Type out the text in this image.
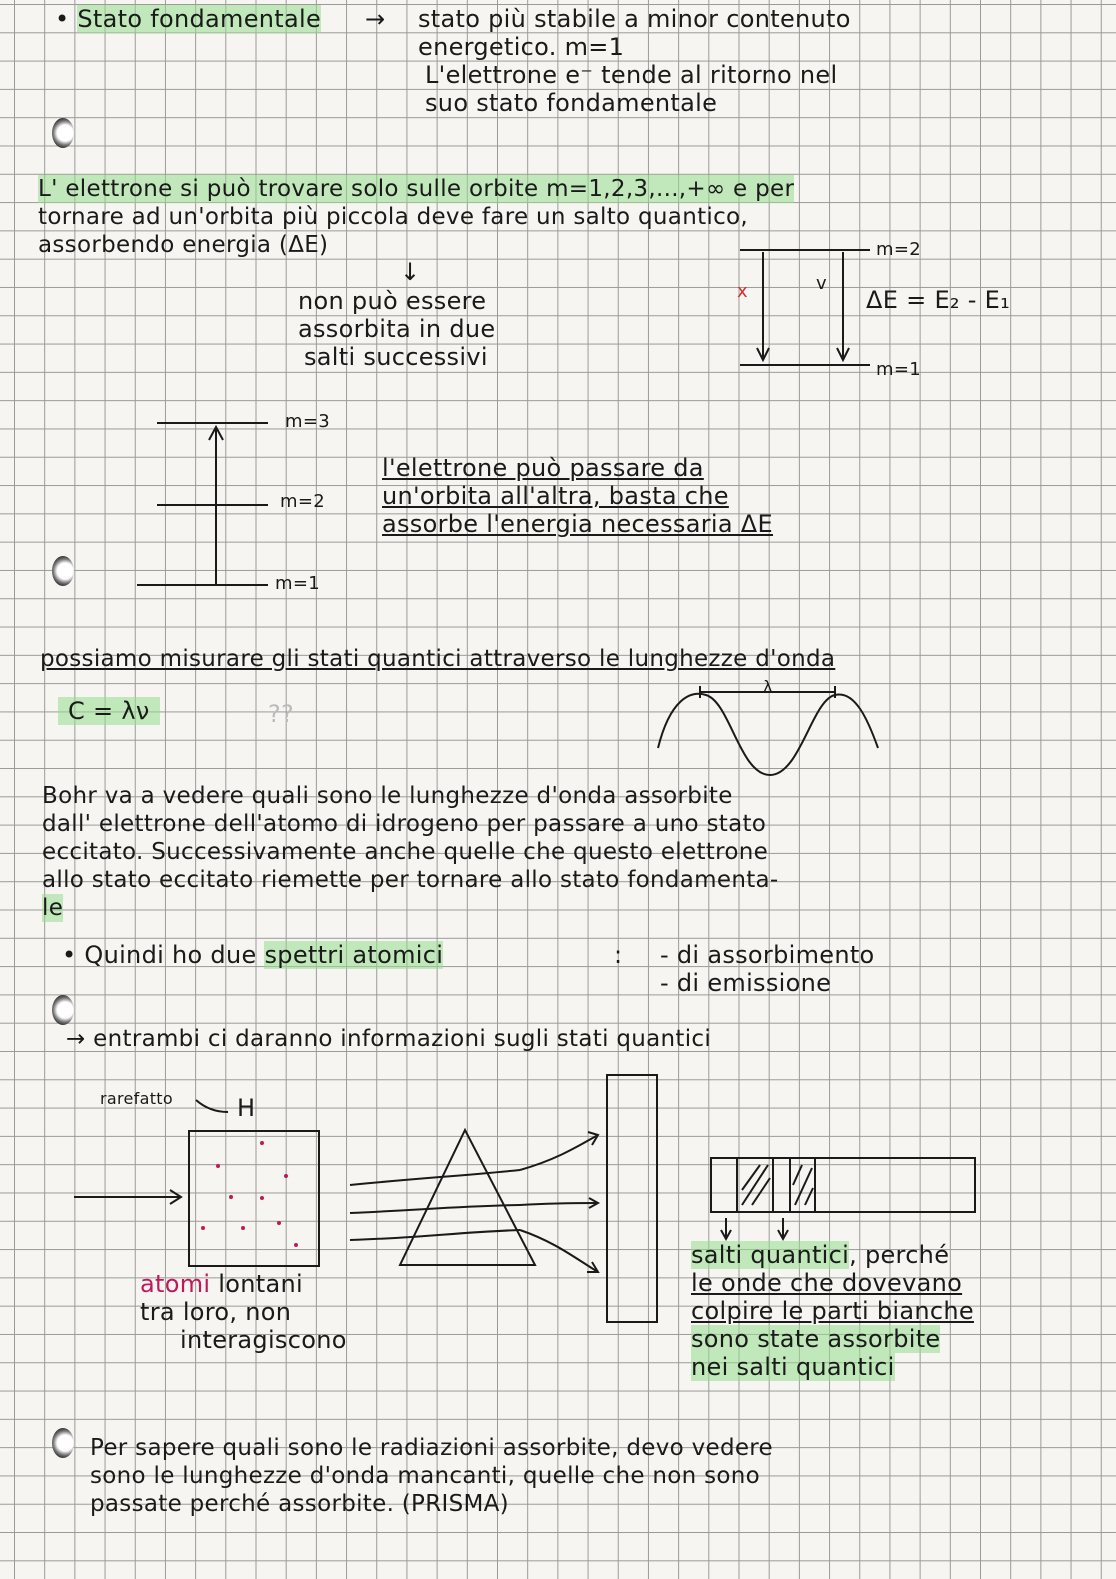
• Stato fondamentale → stato più stabile a minor contenuto
energetico. m=1
L'elettrone e⁻ tende al ritorno nel
suo stato fondamentale
L' elettrone si può trovare solo sulle orbite m=1,2,3,...,+∞ e per
tornare ad un'orbita più piccola deve fare un salto quantico,
assorbendo energia (ΔE)
↓
non può essere
assorbita in due
salti successivi
m=2
m=1
x	v
ΔE = E₂ - E₁
m=3
m=2
m=1
l'elettrone può passare da
un'orbita all'altra, basta che
assorbe l'energia necessaria ΔE
possiamo misurare gli stati quantici attraverso le lunghezze d'onda
C = λν	??
λ
Bohr va a vedere quali sono le lunghezze d'onda assorbite
dall' elettrone dell'atomo di idrogeno per passare a uno stato
eccitato. Successivamente anche quelle che questo elettrone
allo stato eccitato riemette per tornare allo stato fondamenta-
le
• Quindi ho due spettri atomici	: - di assorbimento
- di emissione
→ entrambi ci daranno informazioni sugli stati quantici
rarefatto	H
atomi lontani
tra loro, non
interagiscono
salti quantici, perché
le onde che dovevano
colpire le parti bianche
sono state assorbite
nei salti quantici
Per sapere quali sono le radiazioni assorbite, devo vedere
sono le lunghezze d'onda mancanti, quelle che non sono
passate perché assorbite. (PRISMA)
